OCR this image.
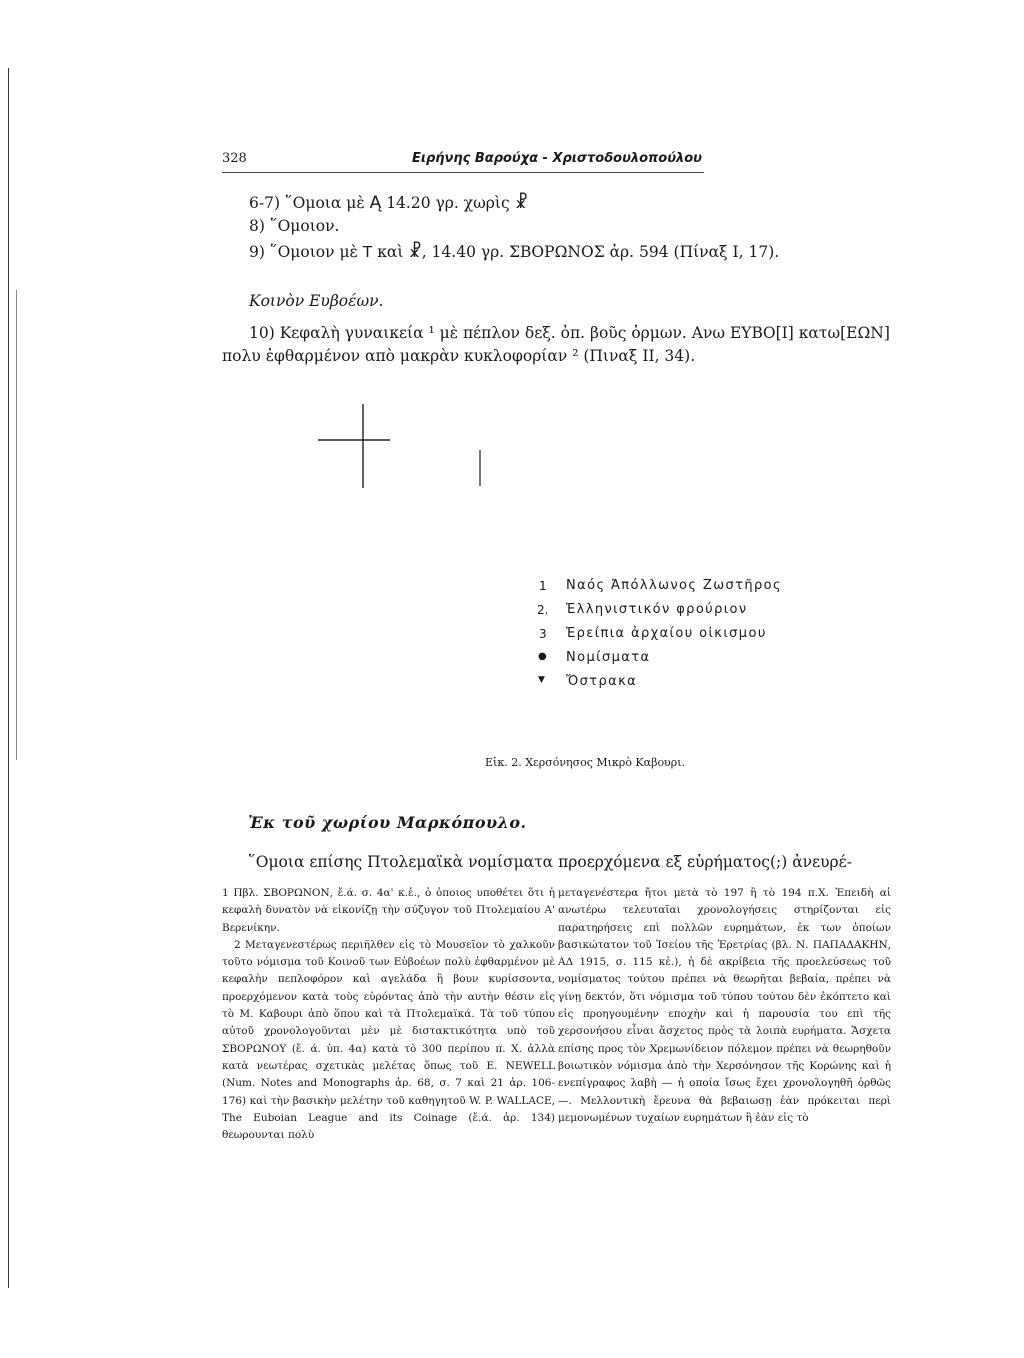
328	Ειρήνης Βαρούχα - Χριστοδουλοπούλου
6-7) ῞Ομοια μὲ Ą 14.20 γρ. χωρὶς ☧
8) ῞Ομοιον.
9) ῞Ομοιον μὲ Τ καὶ ☧, 14.40 γρ. ΣΒΟΡΩΝΟΣ ἀρ. 594 (Πίναξ Ι, 17).
Κοινὸν Ευβοέων.
10) Κεφαλὴ γυναικεία ¹ μὲ πέπλον δεξ. ὀπ. βοῦς ὁρμων. Ανω ΕΥΒΟ[Ι] κατω[ΕΩΝ]
πολυ ἐφθαρμένον απὸ μακρὰν κυκλοφορίαν ² (Πιναξ ΙΙ, 34).
1 Ναός Ἀπόλλωνος Ζωστῆρος
2. Ἑλληνιστικόν φρούριον
3 Ἐρείπια ἀρχαίου οἰκισμου
● Νομίσματα
▼ Ὄστρακα
Εἰκ. 2. Χερσόνησος Μικρὸ Καβουρι.
Ἐκ τοῦ χωρίου Μαρκόπουλο.
῞Ομοια επίσης Πτολεμαϊκὰ νομίσματα προερχόμενα εξ εὑρήματος(;) ἀνευρέ-

1 Πβλ. ΣΒΟΡΩΝΟΝ, ἔ.ά. σ. 4α' κ.ἑ., ὁ ὁποιος υποθέτει ὅτι ἡ κεφαλὴ δυνατὸν νὰ εἰκονίζῃ τὴν σύζυγον τοῦ Πτολεμαίου Α' Βερενίκην.

2 Μεταγενεστέρως περιῆλθεν εἰς τὸ Μουσεῖον τὸ χαλκοῦν τοῦτο νόμισμα τοῦ Κοινοῦ των Εὐβοέων πολὺ ἐφθαρμένον μὲ κεφαλὴν πεπλοφόρον καὶ αγελάδα ἢ βουν κυρίσσοντα, προερχόμενον κατὰ τοὺς εὑρόντας ἀπὸ τὴν αυτὴν θέσιν εἰς τὸ Μ. Καβουρι ἀπὸ ὅπου καὶ τὰ Πτολεμαϊκά. Τὰ τοῦ τύπου αὐτοῦ χρονολογοῦνται μὲν μὲ διστακτικότητα υπὸ τοῦ ΣΒΟΡΩΝΟΥ (ἔ. ά. ὑπ. 4α) κατὰ τὸ 300 περίπου π. Χ. ἀλλὰ κατὰ νεωτέρας σχετικὰς μελέτας ὅπως τοῦ E. NEWELL (Num. Notes and Monographs ἀρ. 68, σ. 7 καὶ 21 ἀρ. 106-176) καὶ τὴν βασικὴν μελέτην τοῦ καθηγητοῦ W. P. WALLACE, The Euboian League and its Coinage (ἔ.ά. ἀρ. 134) θεωρουνται πολὺ

μεταγενέστερα ἤτοι μετὰ τὸ 197 ἢ τὸ 194 π.Χ. Ἐπειδὴ αἱ ανωτέρω τελευταῖαι χρονολογήσεις στηρίζονται εἰς παρατηρήσεις επὶ πολλῶν ευρημάτων, ἐκ των ὁποίων βασικώτατον τοῦ Ἰσείου τῆς Ἐρετρίας (βλ. Ν. ΠΑΠΑΔΑΚΗΝ, ΑΔ 1915, σ. 115 κἑ.), ἡ δὲ ακρίβεια τῆς προελεύσεως τοῦ νομίσματος τούτου πρέπει νὰ θεωρῆται βεβαία, πρέπει νὰ γίνῃ δεκτόν, ὅτι νόμισμα τοῦ τύπου τούτου δὲν ἐκόπτετο καὶ εἰς προηγουμένην εποχὴν καὶ ἡ παρουσία του επὶ τῆς χερσονήσου εἶναι ἄσχετος πρὸς τὰ λοιπὰ ευρήματα. Ἄσχετα επίσης προς τὸν Χρεμωνίδειον πόλεμον πρέπει νὰ θεωρηθοῦν βοιωτικὸν νόμισμα ἀπὸ τὴν Χερσόνησον τῆς Κορώνης καὶ ἡ ενεπίγραφος λαβὴ — ἡ οποία ἴσως ἔχει χρονολογηθῆ ὀρθῶς —. Μελλοντικὴ ἔρευνα θὰ βεβαιωσῃ ἐὰν πρόκειται περὶ μεμονωμένων τυχαίων ευρημάτων ἢ ἐὰν εἰς τὸ
